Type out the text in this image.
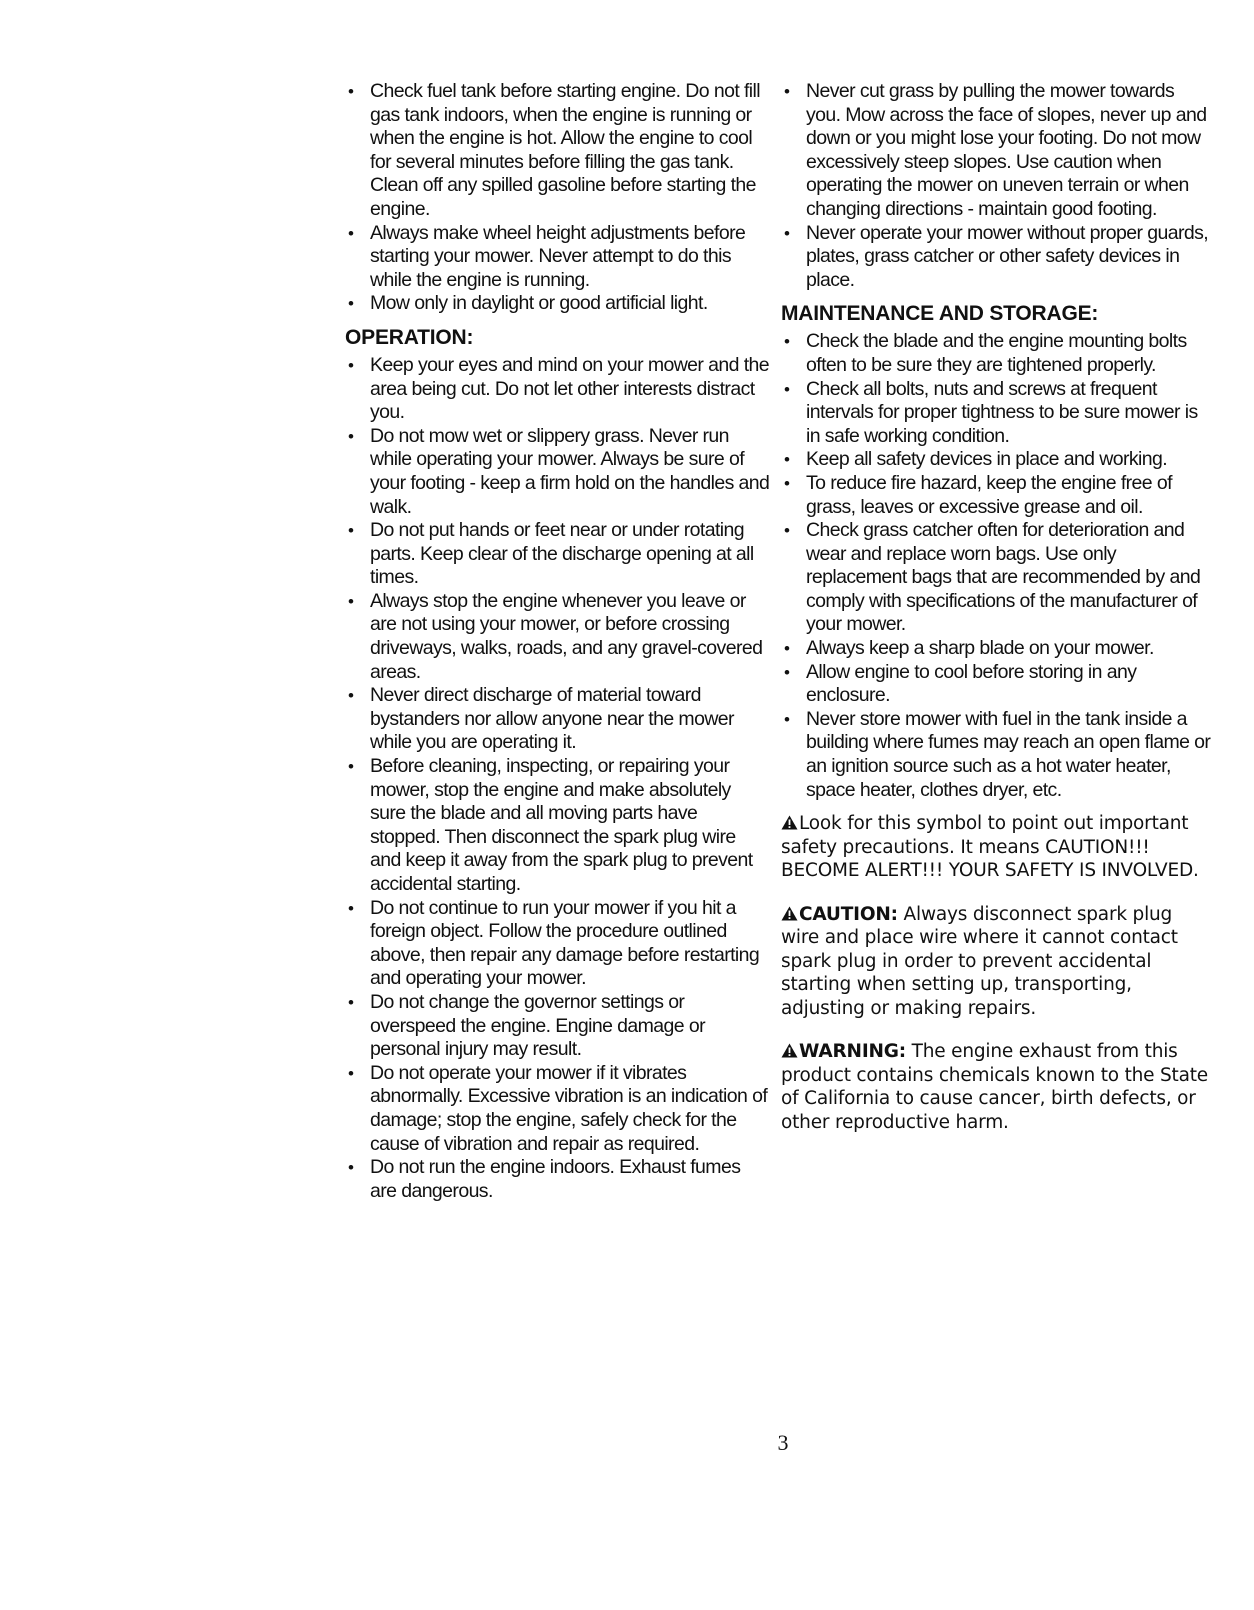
• Check fuel tank before starting engine. Do not fill gas tank indoors, when the engine is running or when the engine is hot. Allow the engine to cool for several minutes before filling the gas tank. Clean off any spilled gasoline before starting the engine.
• Always make wheel height adjustments before starting your mower. Never attempt to do this while the engine is running.
• Mow only in daylight or good artificial light.
OPERATION:
• Keep your eyes and mind on your mower and the area being cut. Do not let other interests distract you.
• Do not mow wet or slippery grass. Never run while operating your mower. Always be sure of your footing - keep a firm hold on the handles and walk.
• Do not put hands or feet near or under rotating parts. Keep clear of the discharge opening at all times.
• Always stop the engine whenever you leave or are not using your mower, or before crossing driveways, walks, roads, and any gravel-covered areas.
• Never direct discharge of material toward bystanders nor allow anyone near the mower while you are operating it.
• Before cleaning, inspecting, or repairing your mower, stop the engine and make absolutely sure the blade and all moving parts have stopped. Then disconnect the spark plug wire and keep it away from the spark plug to prevent accidental starting.
• Do not continue to run your mower if you hit a foreign object. Follow the procedure outlined above, then repair any damage before restarting and operating your mower.
• Do not change the governor settings or overspeed the engine. Engine damage or personal injury may result.
• Do not operate your mower if it vibrates abnormally. Excessive vibration is an indication of damage; stop the engine, safely check for the cause of vibration and repair as required.
• Do not run the engine indoors. Exhaust fumes are dangerous.
• Never cut grass by pulling the mower towards you. Mow across the face of slopes, never up and down or you might lose your footing. Do not mow excessively steep slopes. Use caution when operating the mower on uneven terrain or when changing directions - maintain good footing.
• Never operate your mower without proper guards, plates, grass catcher or other safety devices in place.
MAINTENANCE AND STORAGE:
• Check the blade and the engine mounting bolts often to be sure they are tightened properly.
• Check all bolts, nuts and screws at frequent intervals for proper tightness to be sure mower is in safe working condition.
• Keep all safety devices in place and working.
• To reduce fire hazard, keep the engine free of grass, leaves or excessive grease and oil.
• Check grass catcher often for deterioration and wear and replace worn bags. Use only replacement bags that are recommended by and comply with specifications of the manufacturer of your mower.
• Always keep a sharp blade on your mower.
• Allow engine to cool before storing in any enclosure.
• Never store mower with fuel in the tank inside a building where fumes may reach an open flame or an ignition source such as a hot water heater, space heater, clothes dryer, etc.

Look for this symbol to point out important safety precautions. It means CAUTION!!! BECOME ALERT!!! YOUR SAFETY IS INVOLVED.

CAUTION: Always disconnect spark plug wire and place wire where it cannot contact spark plug in order to prevent accidental starting when setting up, transporting, adjusting or making repairs.

WARNING: The engine exhaust from this product contains chemicals known to the State of California to cause cancer, birth defects, or other reproductive harm.

3
